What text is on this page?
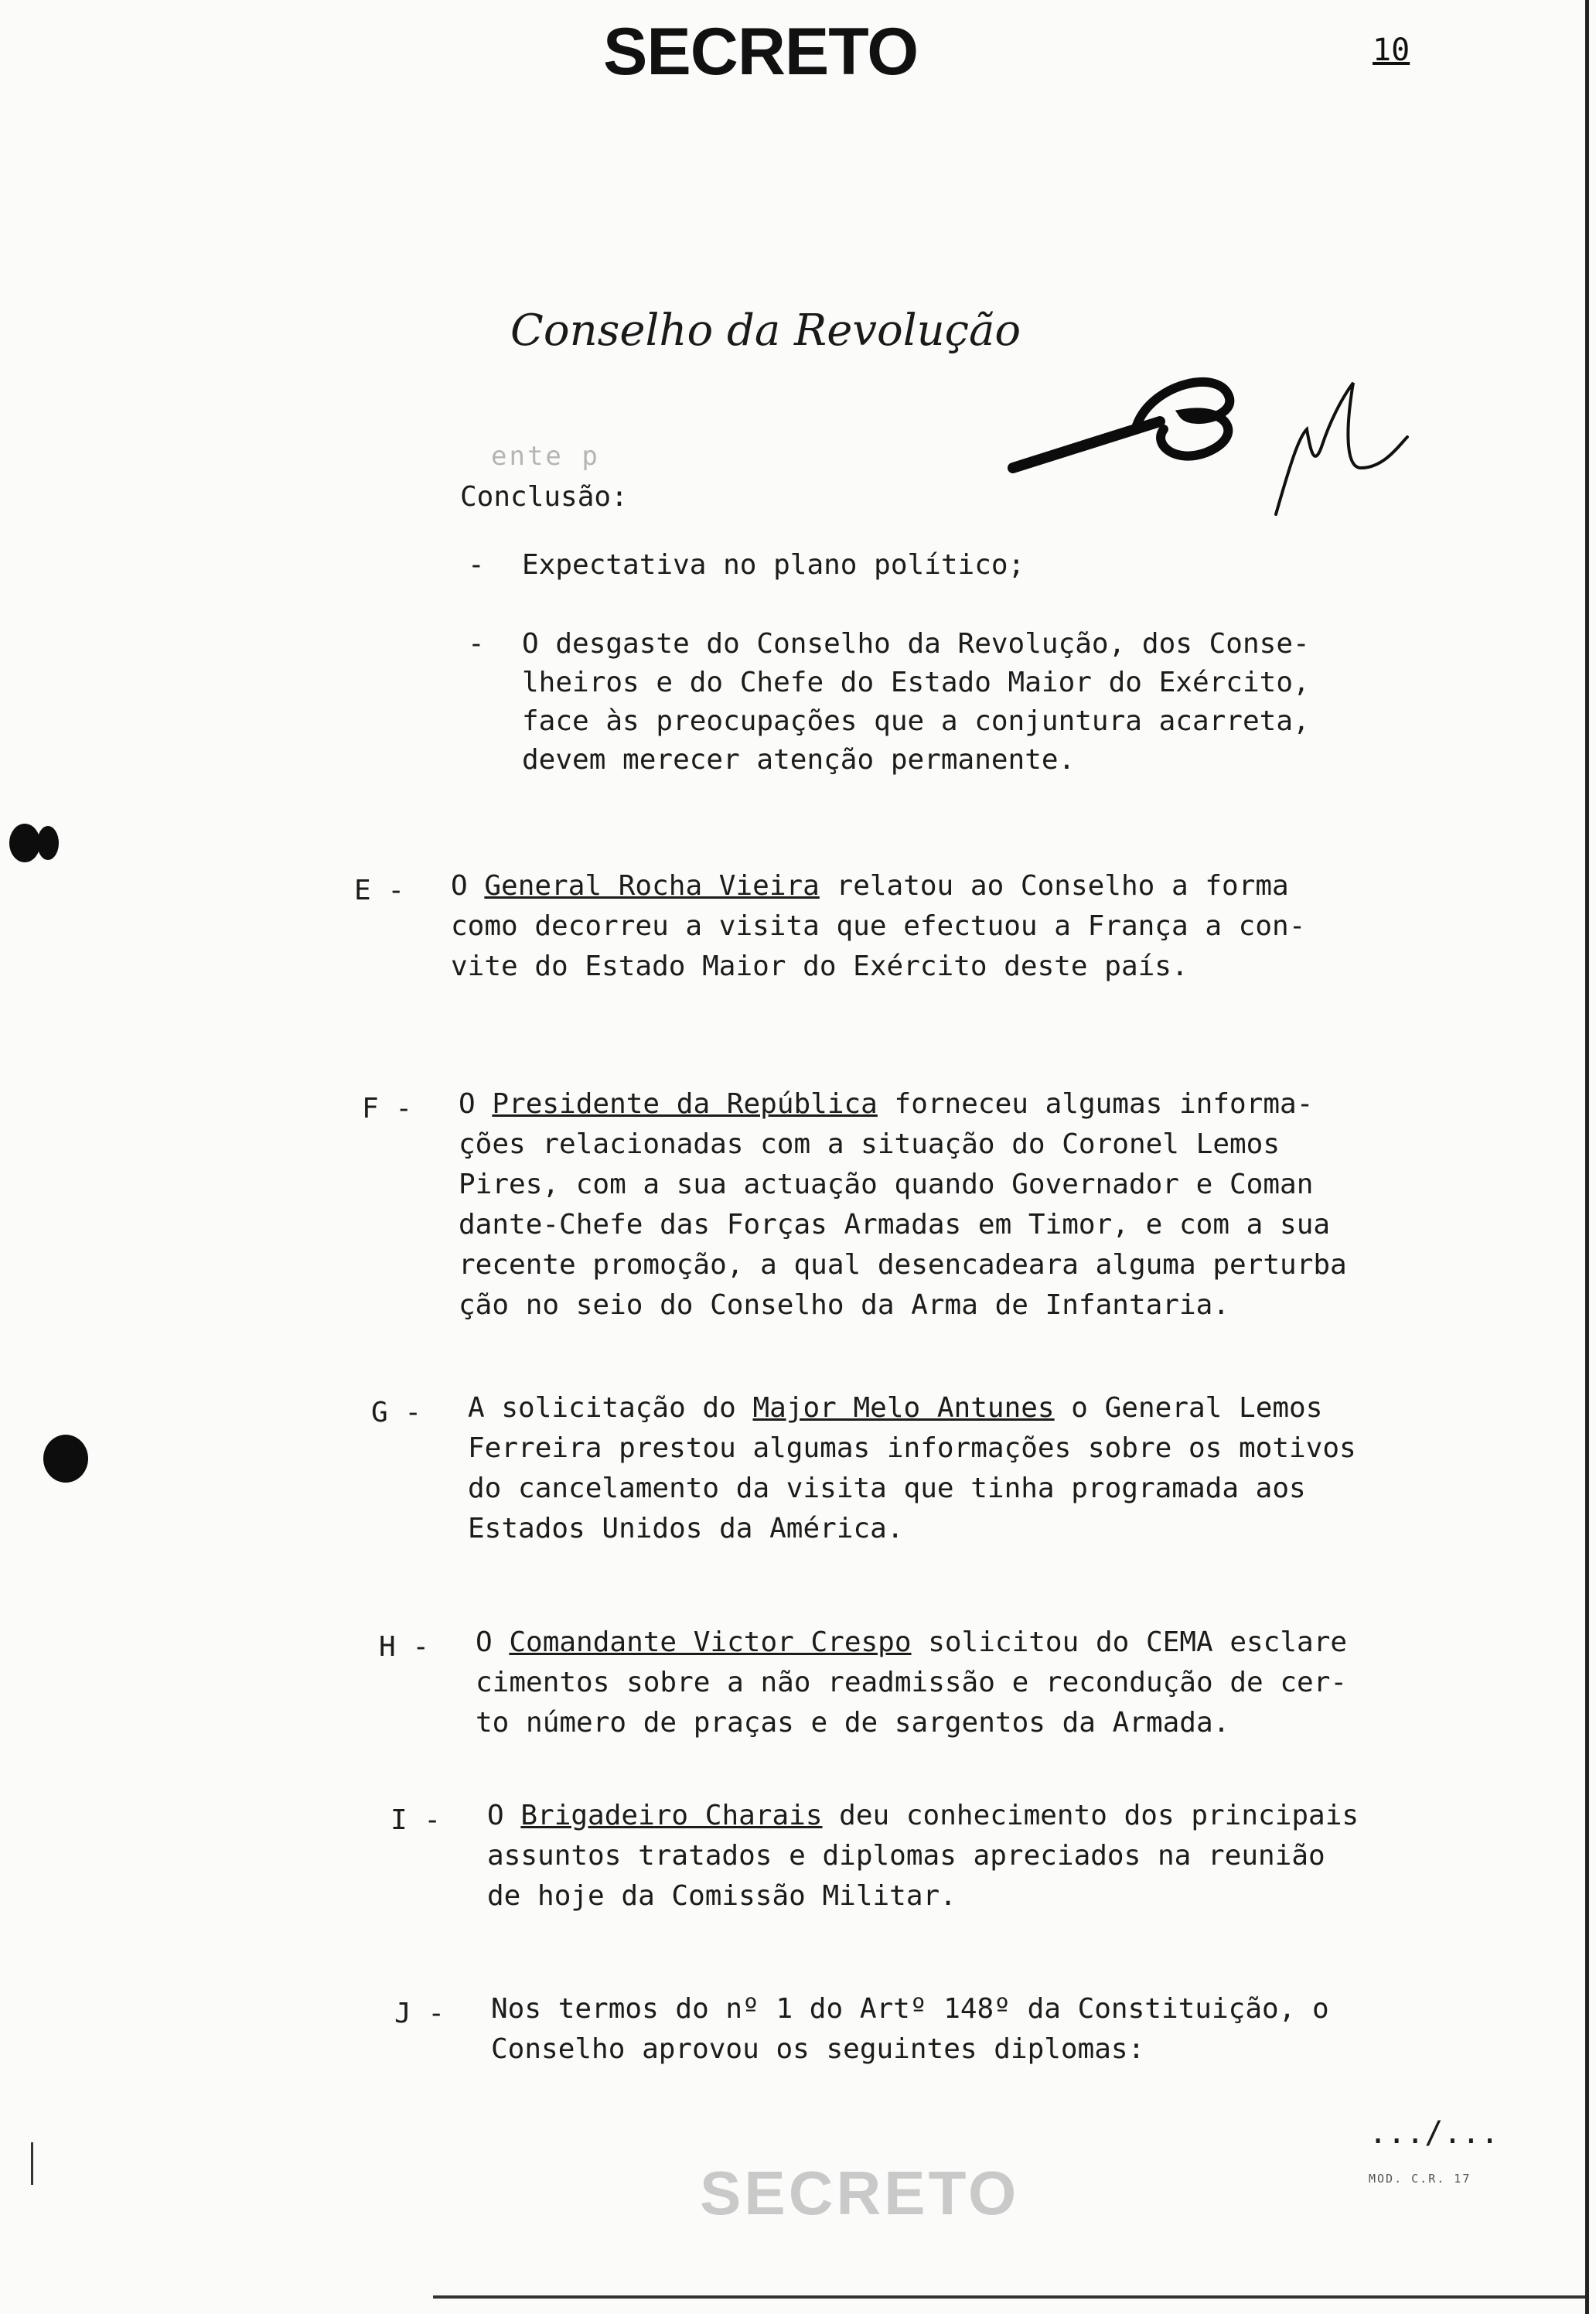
SECRETO	10
Conselho da Revolução
ente p
Conclusão:
- Expectativa no plano político;
- O desgaste do Conselho da Revolução, dos Conse-
lheiros e do Chefe do Estado Maior do Exército,
face às preocupações que a conjuntura acarreta,
devem merecer atenção permanente.
E -	O General Rocha Vieira relatou ao Conselho a forma
como decorreu a visita que efectuou a França a con-
vite do Estado Maior do Exército deste país.
F -	O Presidente da República forneceu algumas informa-
ções relacionadas com a situação do Coronel Lemos
Pires, com a sua actuação quando Governador e Coman
dante-Chefe das Forças Armadas em Timor, e com a sua
recente promoção, a qual desencadeara alguma perturba
ção no seio do Conselho da Arma de Infantaria.
G -	A solicitação do Major Melo Antunes o General Lemos
Ferreira prestou algumas informações sobre os motivos
do cancelamento da visita que tinha programada aos
Estados Unidos da América.
H -	O Comandante Victor Crespo solicitou do CEMA esclare
cimentos sobre a não readmissão e recondução de cer-
to número de praças e de sargentos da Armada.
I -	O Brigadeiro Charais deu conhecimento dos principais
assuntos tratados e diplomas apreciados na reunião
de hoje da Comissão Militar.
J -	Nos termos do nº 1 do Artº 148º da Constituição, o
Conselho aprovou os seguintes diplomas:
.../...
MOD. C.R. 17
SECRETO
